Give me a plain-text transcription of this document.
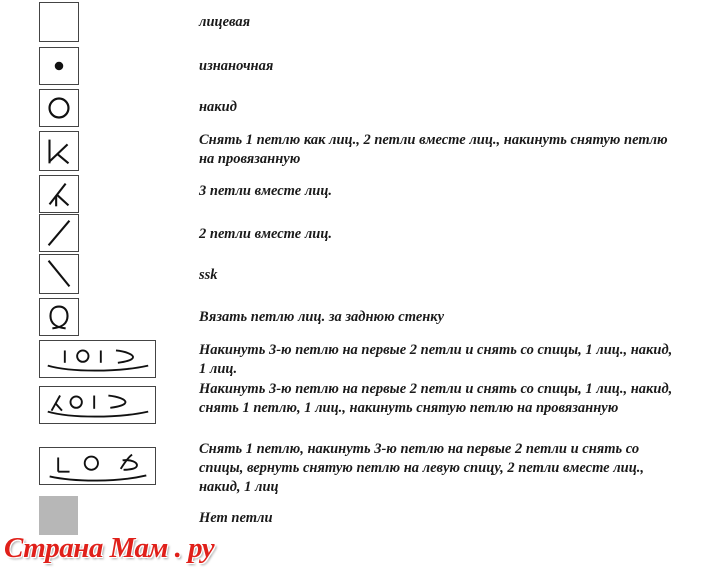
лицевая

изнаночная

накид

Снять 1 петлю как лиц., 2 петли вместе лиц., накинуть снятую петлю на провязанную

3 петли вместе лиц.

2 петли вместе лиц.

ssk

Вязать петлю лиц. за заднюю стенку

Накинуть 3-ю петлю на первые 2 петли и снять со спицы, 1 лиц., накид, 1 лиц.

Накинуть 3-ю петлю на первые 2 петли и снять со спицы, 1 лиц., накид, снять 1 петлю, 1 лиц., накинуть снятую петлю на провязанную

Снять 1 петлю, накинуть 3-ю петлю на первые 2 петли и снять со спицы, вернуть снятую петлю на левую спицу, 2 петли вместе лиц., накид, 1 лиц

Нет петли

Страна Мам . ру
